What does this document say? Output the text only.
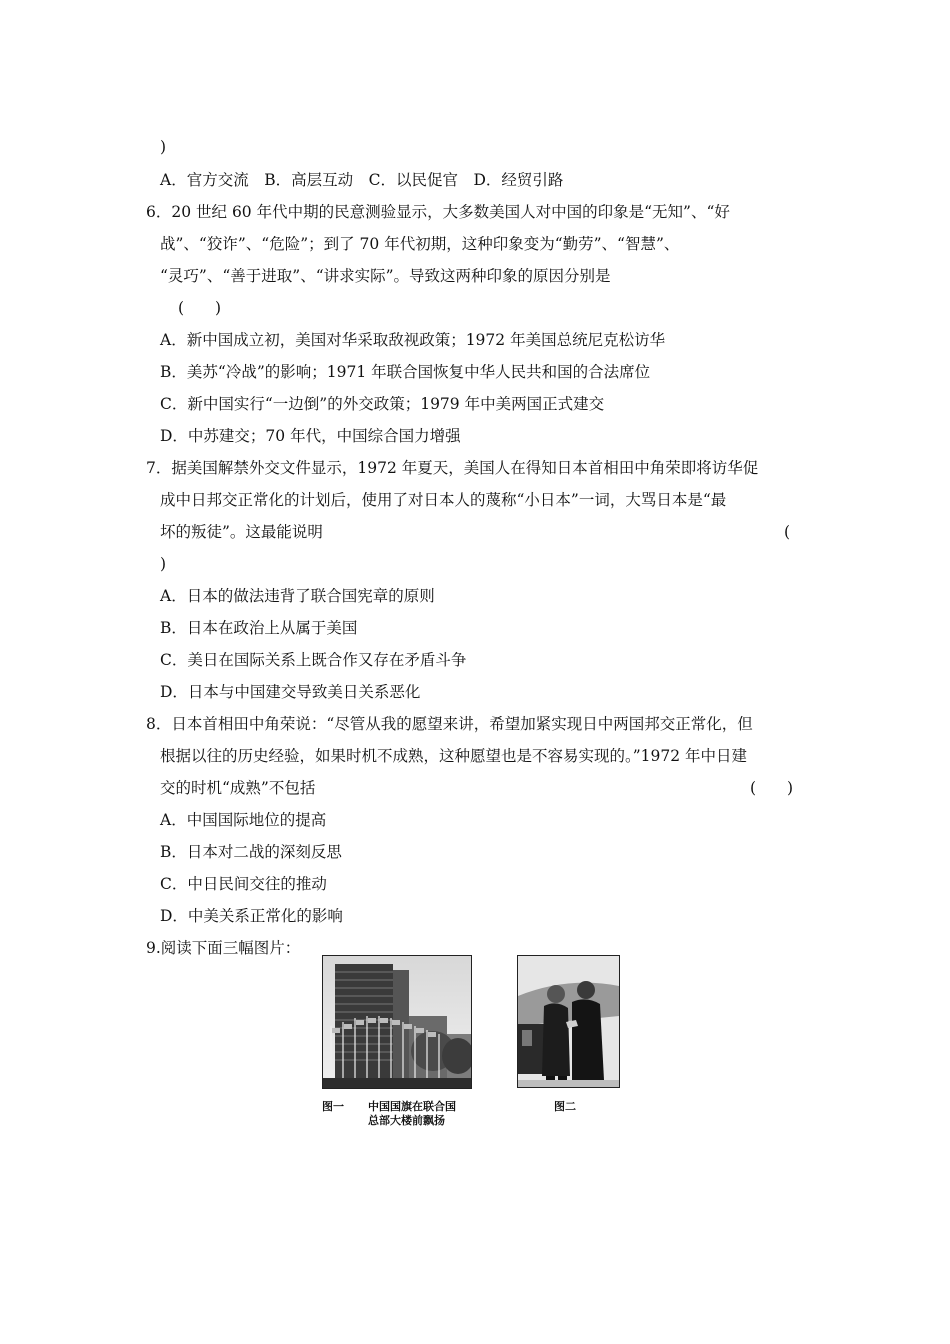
)
A．官方交流　B．高层互动　C．以民促官　D．经贸引路
6．20 世纪 60 年代中期的民意测验显示，大多数美国人对中国的印象是“无知”、“好
战”、“狡诈”、“危险”；到了 70 年代初期，这种印象变为“勤劳”、“智慧”、
“灵巧”、“善于进取”、“讲求实际”。导致这两种印象的原因分别是
(　　)
A．新中国成立初，美国对华采取敌视政策；1972 年美国总统尼克松访华
B．美苏“冷战”的影响；1971 年联合国恢复中华人民共和国的合法席位
C．新中国实行“一边倒”的外交政策；1979 年中美两国正式建交
D．中苏建交；70 年代，中国综合国力增强
7．据美国解禁外交文件显示，1972 年夏天，美国人在得知日本首相田中角荣即将访华促
成中日邦交正常化的计划后，使用了对日本人的蔑称“小日本”一词，大骂日本是“最
坏的叛徒”。这最能说明	(
)
A．日本的做法违背了联合国宪章的原则
B．日本在政治上从属于美国
C．美日在国际关系上既合作又存在矛盾斗争
D．日本与中国建交导致美日关系恶化
8．日本首相田中角荣说：“尽管从我的愿望来讲，希望加紧实现日中两国邦交正常化，但
根据以往的历史经验，如果时机不成熟，这种愿望也是不容易实现的。”1972 年中日建
交的时机“成熟”不包括	(　　)
A．中国国际地位的提高
B．日本对二战的深刻反思
C．中日民间交往的推动
D．中美关系正常化的影响
9.阅读下面三幅图片：
图一 中国国旗在联合国
总部大楼前飘扬
图二
